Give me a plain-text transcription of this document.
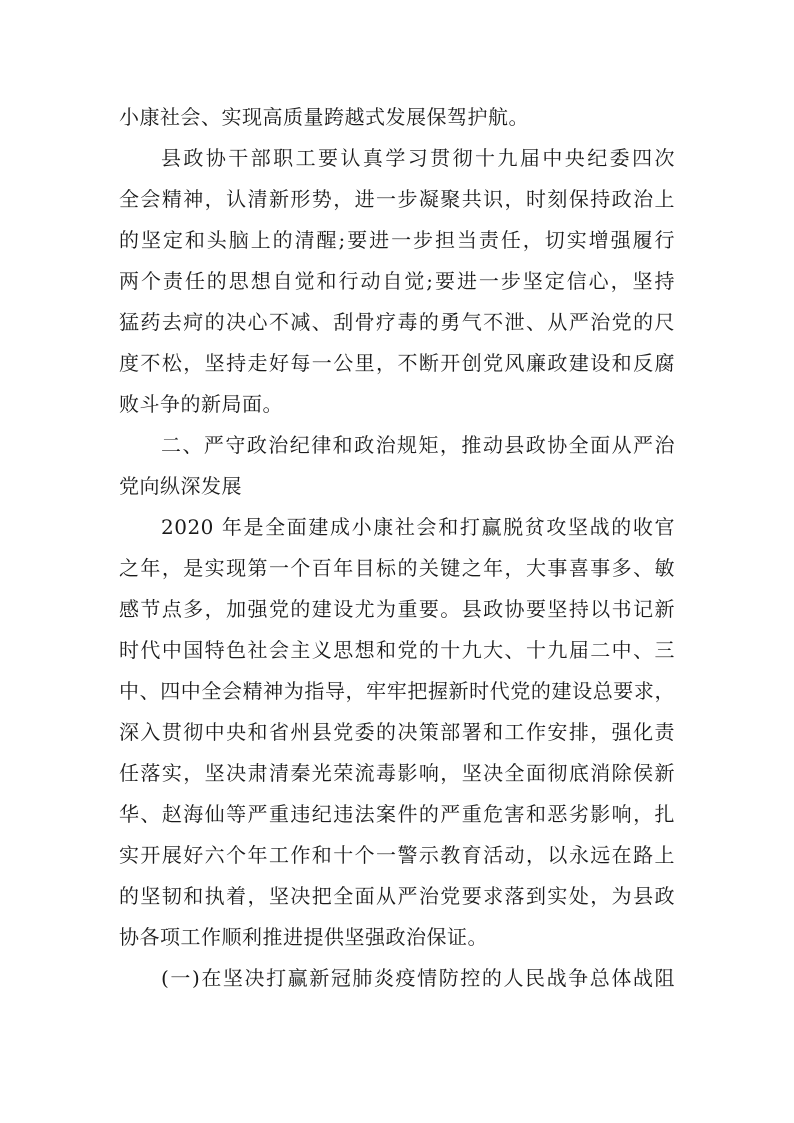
小康社会、实现高质量跨越式发展保驾护航。
县政协干部职工要认真学习贯彻十九届中央纪委四次
全会精神，认清新形势，进一步凝聚共识，时刻保持政治上
的坚定和头脑上的清醒;要进一步担当责任，切实增强履行
两个责任的思想自觉和行动自觉;要进一步坚定信心，坚持
猛药去疴的决心不减、刮骨疗毒的勇气不泄、从严治党的尺
度不松，坚持走好每一公里，不断开创党风廉政建设和反腐
败斗争的新局面。
二、严守政治纪律和政治规矩，推动县政协全面从严治
党向纵深发展
2020 年是全面建成小康社会和打赢脱贫攻坚战的收官
之年，是实现第一个百年目标的关键之年，大事喜事多、敏
感节点多，加强党的建设尤为重要。县政协要坚持以书记新
时代中国特色社会主义思想和党的十九大、十九届二中、三
中、四中全会精神为指导，牢牢把握新时代党的建设总要求，
深入贯彻中央和省州县党委的决策部署和工作安排，强化责
任落实，坚决肃清秦光荣流毒影响，坚决全面彻底消除侯新
华、赵海仙等严重违纪违法案件的严重危害和恶劣影响，扎
实开展好六个年工作和十个一警示教育活动，以永远在路上
的坚韧和执着，坚决把全面从严治党要求落到实处，为县政
协各项工作顺利推进提供坚强政治保证。
(一)在坚决打赢新冠肺炎疫情防控的人民战争总体战阻
